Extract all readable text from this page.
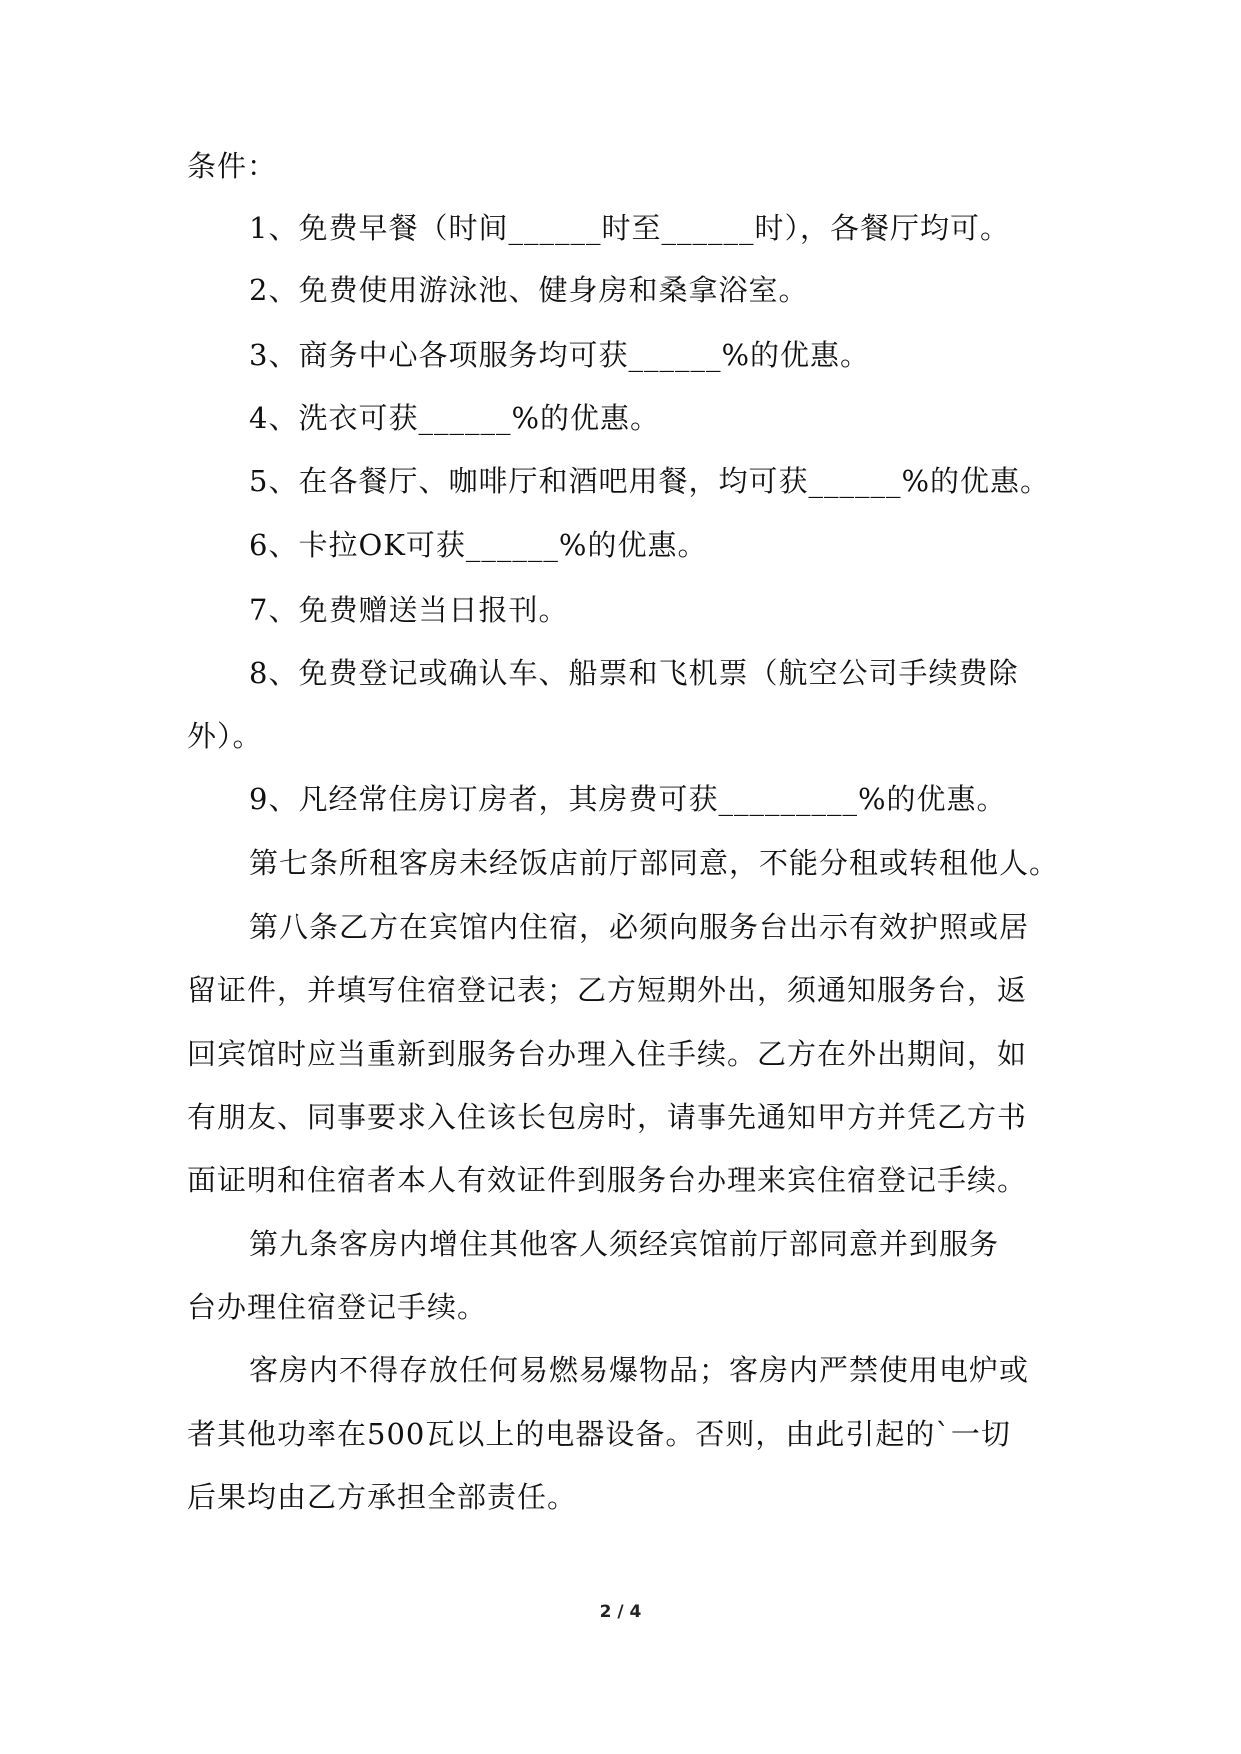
条件：
1、免费早餐（时间______时至______时），各餐厅均可。
2、免费使用游泳池、健身房和桑拿浴室。
3、商务中心各项服务均可获______%的优惠。
4、洗衣可获______%的优惠。
5、在各餐厅、咖啡厅和酒吧用餐，均可获______%的优惠。
6、卡拉OK可获______%的优惠。
7、免费赠送当日报刊。
8、免费登记或确认车、船票和飞机票（航空公司手续费除
外）。
9、凡经常住房订房者，其房费可获_________%的优惠。
第七条所租客房未经饭店前厅部同意，不能分租或转租他人。
第八条乙方在宾馆内住宿，必须向服务台出示有效护照或居
留证件，并填写住宿登记表；乙方短期外出，须通知服务台，返
回宾馆时应当重新到服务台办理入住手续。乙方在外出期间，如
有朋友、同事要求入住该长包房时，请事先通知甲方并凭乙方书
面证明和住宿者本人有效证件到服务台办理来宾住宿登记手续。
第九条客房内增住其他客人须经宾馆前厅部同意并到服务
台办理住宿登记手续。
客房内不得存放任何易燃易爆物品；客房内严禁使用电炉或
者其他功率在500瓦以上的电器设备。否则，由此引起的`一切
后果均由乙方承担全部责任。
2 / 4
